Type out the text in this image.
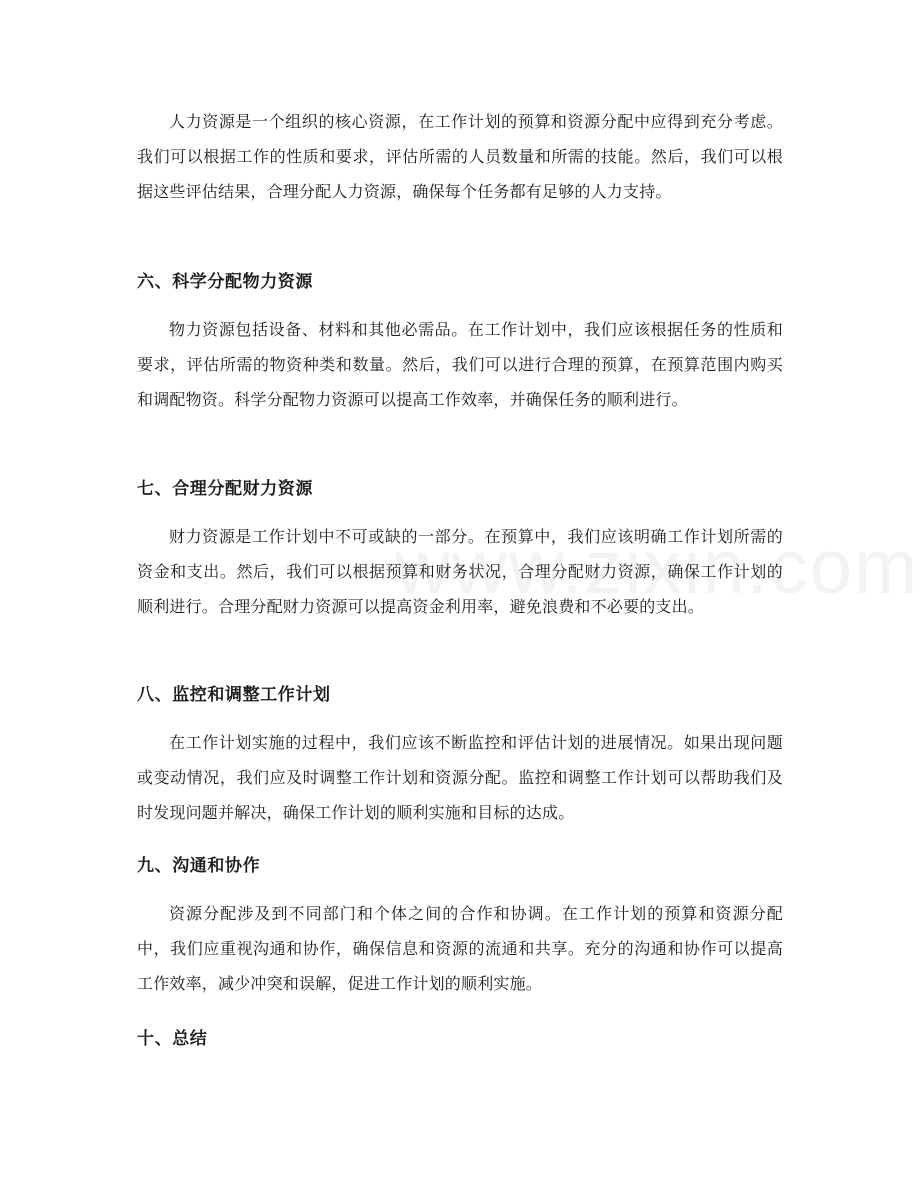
人力资源是一个组织的核心资源，在工作计划的预算和资源分配中应得到充分考虑。我们可以根据工作的性质和要求，评估所需的人员数量和所需的技能。然后，我们可以根据这些评估结果，合理分配人力资源，确保每个任务都有足够的人力支持。

六、科学分配物力资源

物力资源包括设备、材料和其他必需品。在工作计划中，我们应该根据任务的性质和要求，评估所需的物资种类和数量。然后，我们可以进行合理的预算，在预算范围内购买和调配物资。科学分配物力资源可以提高工作效率，并确保任务的顺利进行。

七、合理分配财力资源

财力资源是工作计划中不可或缺的一部分。在预算中，我们应该明确工作计划所需的资金和支出。然后，我们可以根据预算和财务状况，合理分配财力资源，确保工作计划的顺利进行。合理分配财力资源可以提高资金利用率，避免浪费和不必要的支出。

八、监控和调整工作计划

在工作计划实施的过程中，我们应该不断监控和评估计划的进展情况。如果出现问题或变动情况，我们应及时调整工作计划和资源分配。监控和调整工作计划可以帮助我们及时发现问题并解决，确保工作计划的顺利实施和目标的达成。

九、沟通和协作

资源分配涉及到不同部门和个体之间的合作和协调。在工作计划的预算和资源分配中，我们应重视沟通和协作，确保信息和资源的流通和共享。充分的沟通和协作可以提高工作效率，减少冲突和误解，促进工作计划的顺利实施。

十、总结
